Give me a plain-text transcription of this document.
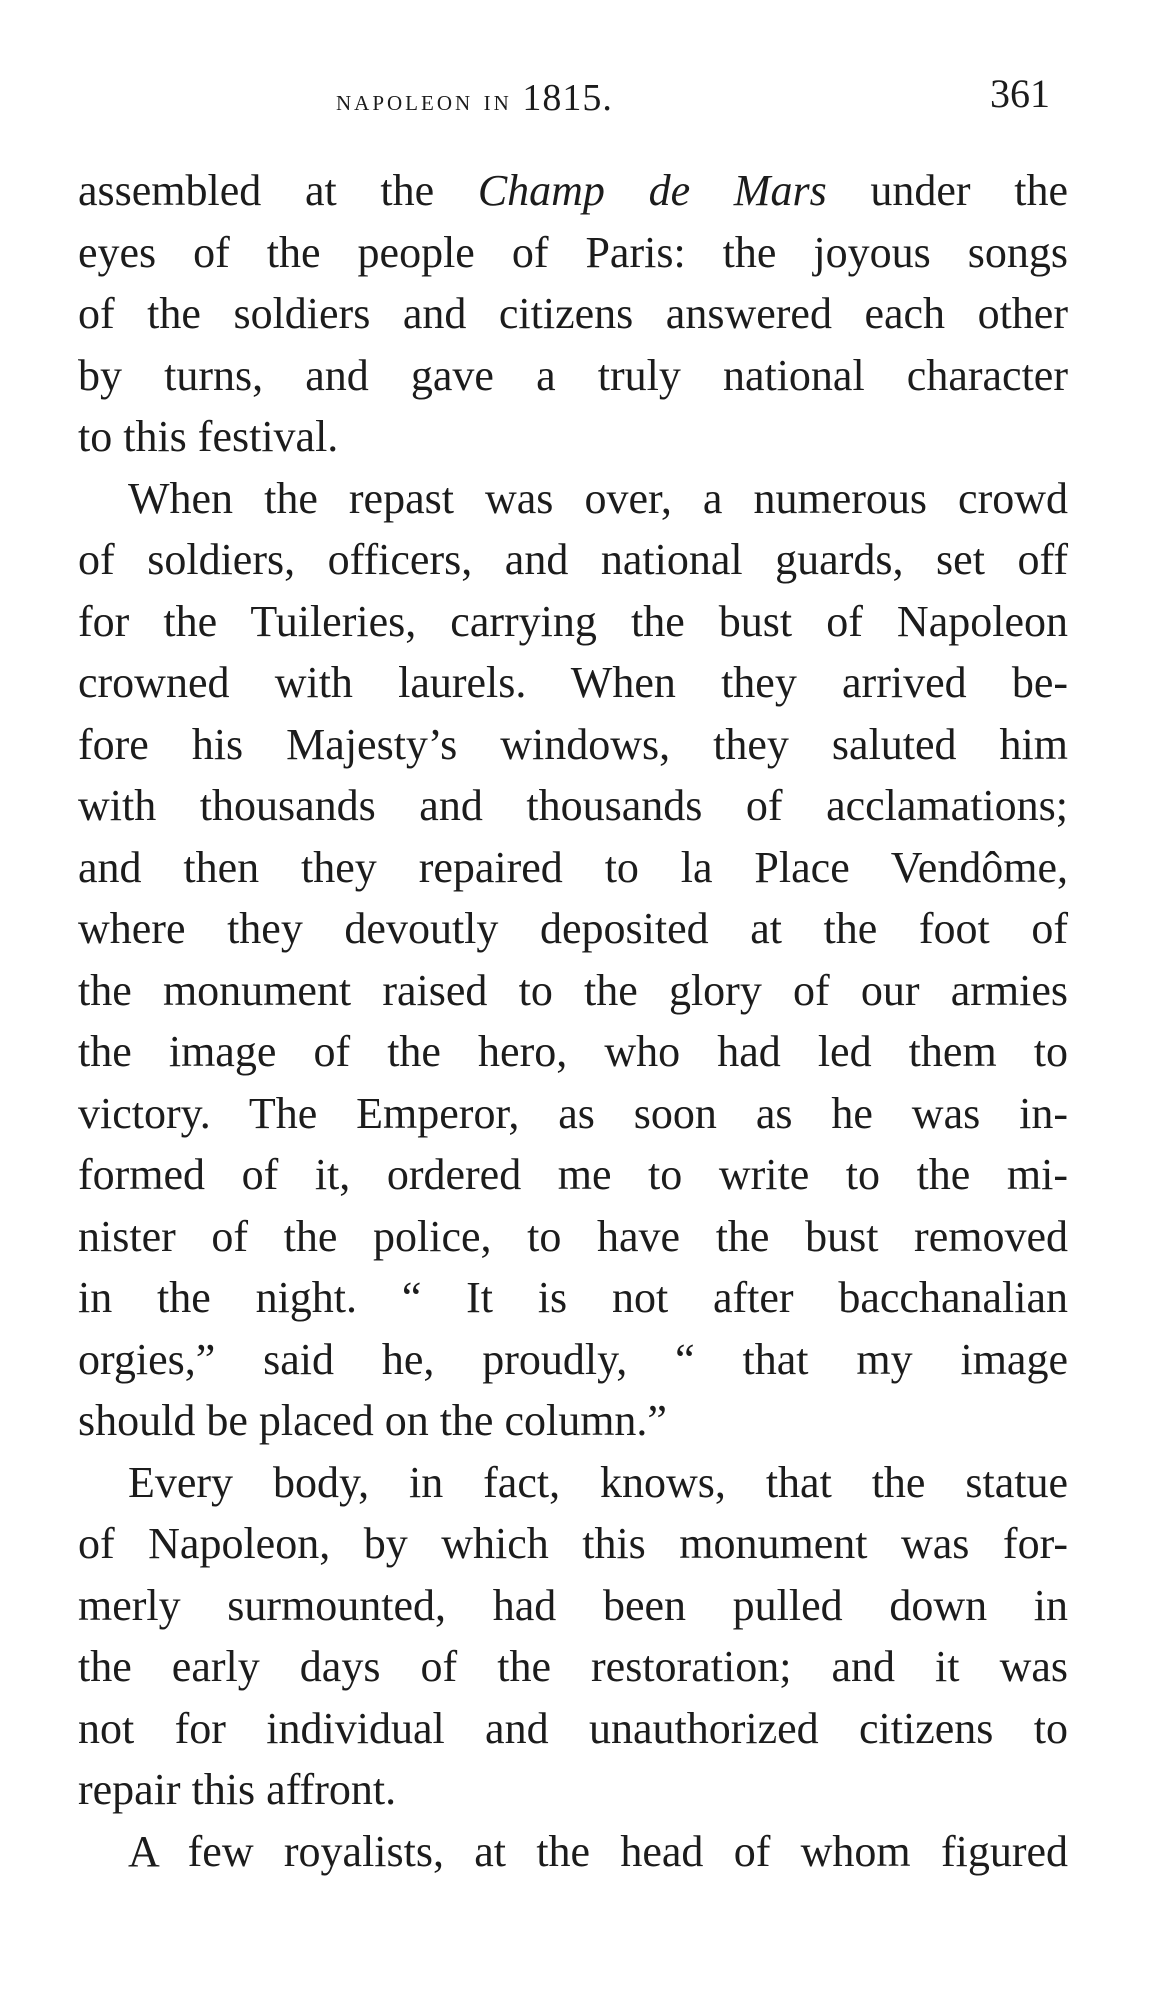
napoleon in 1815.	361
assembled at the Champ de Mars under the
eyes of the people of Paris: the joyous songs
of the soldiers and citizens answered each other
by turns, and gave a truly national character
to this festival.
When the repast was over, a numerous crowd
of soldiers, officers, and national guards, set off
for the Tuileries, carrying the bust of Napoleon
crowned with laurels. When they arrived be-
fore his Majesty’s windows, they saluted him
with thousands and thousands of acclamations;
and then they repaired to la Place Vendôme,
where they devoutly deposited at the foot of
the monument raised to the glory of our armies
the image of the hero, who had led them to
victory. The Emperor, as soon as he was in-
formed of it, ordered me to write to the mi-
nister of the police, to have the bust removed
in the night. “ It is not after bacchanalian
orgies,” said he, proudly, “ that my image
should be placed on the column.”
Every body, in fact, knows, that the statue
of Napoleon, by which this monument was for-
merly surmounted, had been pulled down in
the early days of the restoration; and it was
not for individual and unauthorized citizens to
repair this affront.
A few royalists, at the head of whom figured
